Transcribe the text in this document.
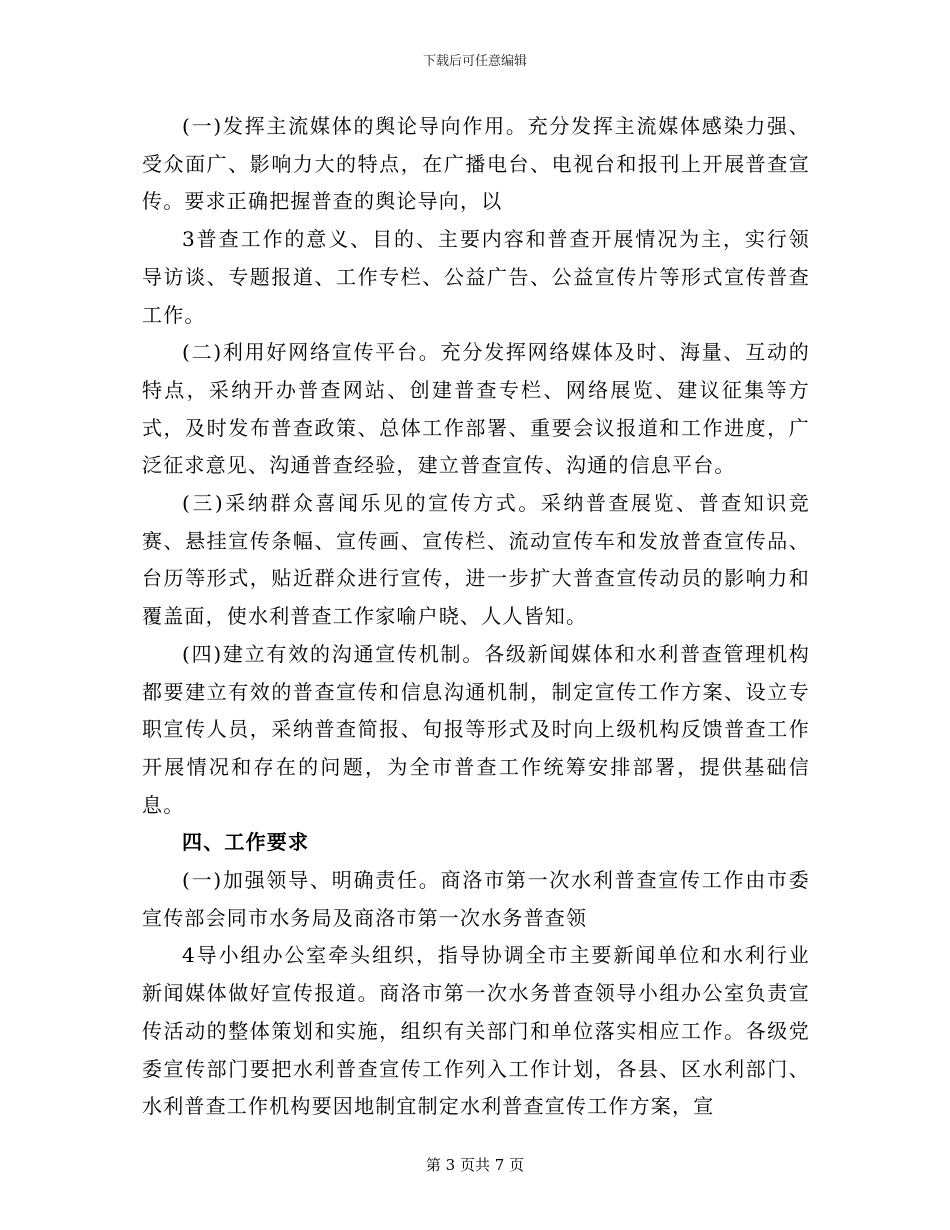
下载后可任意编辑

(一)发挥主流媒体的舆论导向作用。充分发挥主流媒体感染力强、受众面广、影响力大的特点，在广播电台、电视台和报刊上开展普查宣传。要求正确把握普查的舆论导向，以

3普查工作的意义、目的、主要内容和普查开展情况为主，实行领导访谈、专题报道、工作专栏、公益广告、公益宣传片等形式宣传普查工作。

(二)利用好网络宣传平台。充分发挥网络媒体及时、海量、互动的特点，采纳开办普查网站、创建普查专栏、网络展览、建议征集等方式，及时发布普查政策、总体工作部署、重要会议报道和工作进度，广泛征求意见、沟通普查经验，建立普查宣传、沟通的信息平台。

(三)采纳群众喜闻乐见的宣传方式。采纳普查展览、普查知识竞赛、悬挂宣传条幅、宣传画、宣传栏、流动宣传车和发放普查宣传品、台历等形式，贴近群众进行宣传，进一步扩大普查宣传动员的影响力和覆盖面，使水利普查工作家喻户晓、人人皆知。

(四)建立有效的沟通宣传机制。各级新闻媒体和水利普查管理机构都要建立有效的普查宣传和信息沟通机制，制定宣传工作方案、设立专职宣传人员，采纳普查简报、旬报等形式及时向上级机构反馈普查工作开展情况和存在的问题，为全市普查工作统筹安排部署，提供基础信息。

四、工作要求

(一)加强领导、明确责任。商洛市第一次水利普查宣传工作由市委宣传部会同市水务局及商洛市第一次水务普查领

4导小组办公室牵头组织，指导协调全市主要新闻单位和水利行业新闻媒体做好宣传报道。商洛市第一次水务普查领导小组办公室负责宣传活动的整体策划和实施，组织有关部门和单位落实相应工作。各级党委宣传部门要把水利普查宣传工作列入工作计划，各县、区水利部门、水利普查工作机构要因地制宜制定水利普查宣传工作方案，宣

第 3 页共 7 页
